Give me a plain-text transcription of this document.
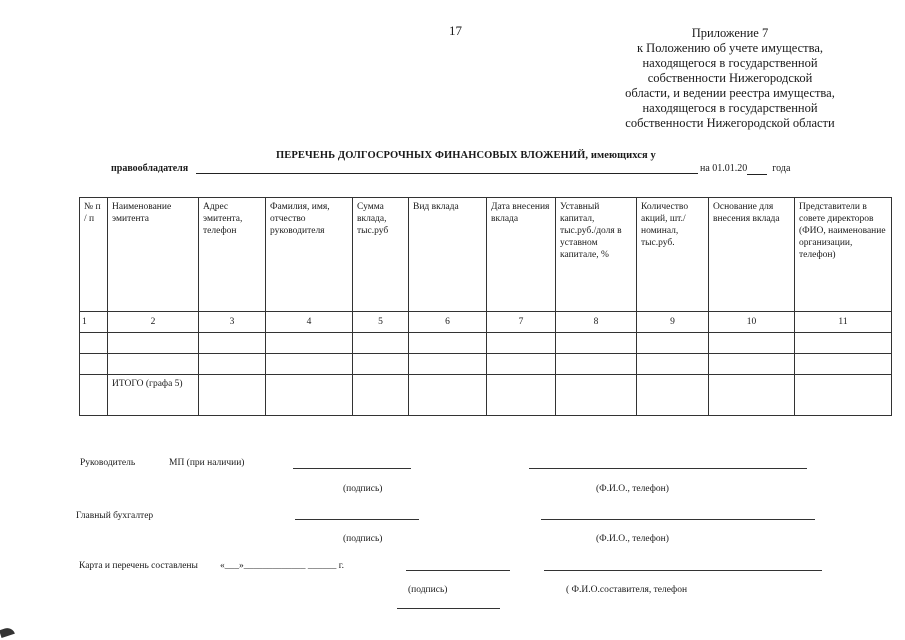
17	Приложение 7
к Положению об учете имущества,
находящегося в государственной
собственности Нижегородской
области, и ведении реестра имущества,
находящегося в государственной
собственности Нижегородской области
ПЕРЕЧЕНЬ ДОЛГОСРОЧНЫХ ФИНАНСОВЫХ ВЛОЖЕНИЙ, имеющихся у
правообладателя	на 01.01.20	года
№ п / п	Наименование эмитента	Адрес эмитента, телефон	Фамилия, имя, отчество руководителя	Сумма вклада, тыс.руб	Вид вклада	Дата внесения вклада	Уставный капитал, тыс.руб./доля в уставном капитале, %	Количество акций, шт./номинал, тыс.руб.	Основание для внесения вклада	Представители в совете директоров (ФИО, наименование организации, телефон)
1	2	3	4	5	6	7	8	9	10	11

	ИТОГО (графа 5)									
Руководитель	МП (при наличии)
(подпись)	(Ф.И.О., телефон)
Главный бухгалтер
(подпись)	(Ф.И.О., телефон)
Карта и перечень составлены «___»_____________ ______ г.
(подпись)	( Ф.И.О.составителя, телефон
